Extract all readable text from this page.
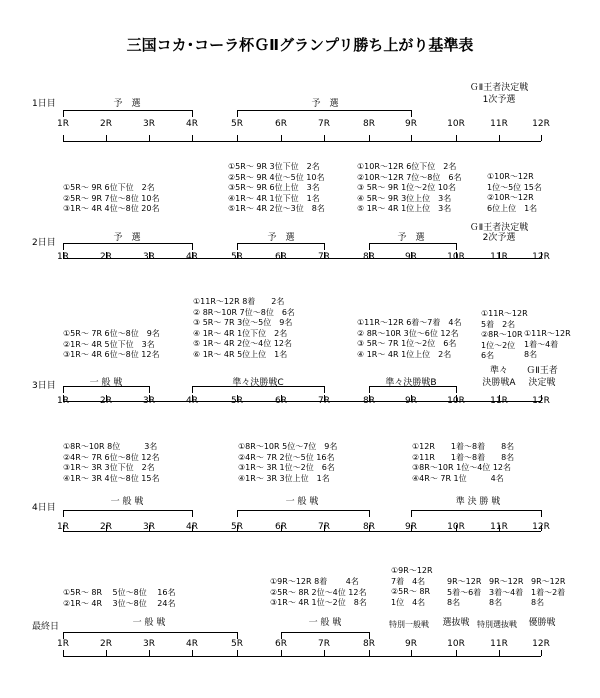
三国コカ･コーラ杯ＧⅡグランプリ勝ち上がり基準表
1日目
1R	2R	3R	4R	5R	6R	7R	8R	9R	10R	11R	12R
予　選	予　選
ＧⅡ王者決定戦
1次予選
①5R～ 9R 3位下位　2名
②5R～ 9R 4位～5位 10名
③5R～ 9R 6位上位　3名
④1R～ 4R 1位下位　1名
⑤1R～ 4R 2位～3位　8名
①10R～12R 6位下位　2名
②10R～12R 7位～8位　6名
③ 5R～ 9R 1位～2位 10名
④ 5R～ 9R 3位上位　3名
⑤ 1R～ 4R 1位上位　3名
①10R～12R
1位～5位 15名
②10R～12R
6位上位　1名
①5R～ 9R 6位下位　2名
②5R～ 9R 7位～8位 10名
③1R～ 4R 4位～8位 20名
2日目
1R	2R	3R	4R	5R	6R	7R	8R	9R	10R	11R	12R
予　選	予　選	予　選
ＧⅡ王者決定戦
2次予選
①11R～12R 8着　　2名
② 8R～10R 7位～8位　6名
③ 5R～ 7R 3位～5位　9名
④ 1R～ 4R 1位下位　2名
⑤ 1R～ 4R 2位～4位 12名
⑥ 1R～ 4R 5位上位　1名
①11R～12R 6着～7着　4名
② 8R～10R 3位～6位 12名
③ 5R～ 7R 1位～2位　6名
④ 1R～ 4R 1位上位　2名
①11R～12R
5着　2名
②8R～10R
1位～2位
6名
①11R～12R
1着～4着
8名
①5R～ 7R 6位～8位　9名
②1R～ 4R 5位下位　3名
③1R～ 4R 6位～8位 12名
3日目
1R	2R	3R	4R	5R	6R	7R	8R	9R	10R	11R	12R
一 般 戦	準々決勝戦C	準々決勝戦B
準々
決勝戦A
ＧⅡ王者
決定戦
①8R～10R 8位　　　3名
②4R～ 7R 6位～8位 12名
③1R～ 3R 3位下位　2名
④1R～ 3R 4位～8位 15名
①8R～10R 5位～7位　9名
②4R～ 7R 2位～5位 16名
③1R～ 3R 1位～2位　6名
④1R～ 3R 3位上位　1名
①12R　　1着～8着　　8名
②11R　　1着～8着　　8名
③8R～10R 1位～4位 12名
④4R～ 7R 1位　　　4名
4日目
1R	2R	3R	4R	5R	6R	7R	8R	9R	10R	11R	12R
一 般 戦	一 般 戦	準 決 勝 戦
①9R～12R
7着　4名
②5R～ 8R
1位　4名
9R～12R
5着～6着
8名
9R～12R
3着～4着
8名
9R～12R
1着～2着
8名
①9R～12R 8着　　 4名
②5R～ 8R 2位～4位 12名
③1R～ 4R 1位～2位　8名
①5R～ 8R　 5位～8位　 16名
②1R～ 4R　 3位～8位　 24名
最終日
1R	2R	3R	4R	5R	6R	7R	8R	9R	10R	11R	12R
一 般 戦	一 般 戦	特別一般戦 選抜戦 特別選抜戦 優勝戦
